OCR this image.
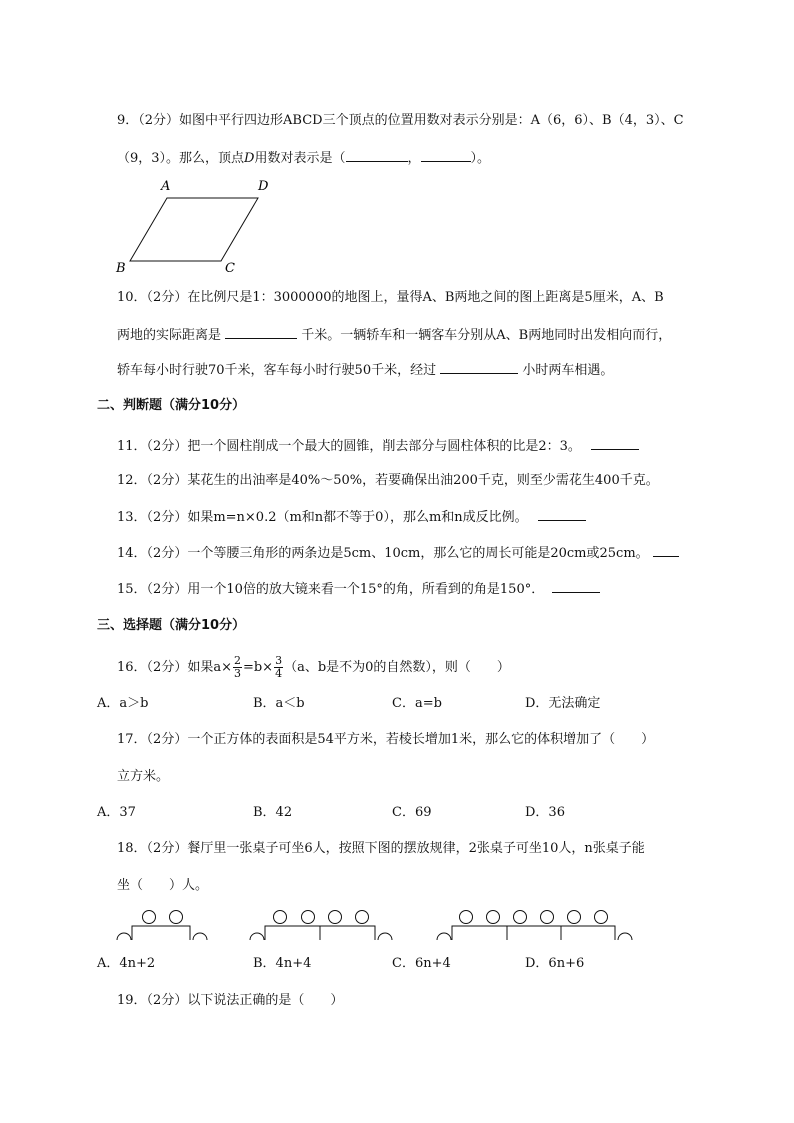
9．（2分）如图中平行四边形ABCD三个顶点的位置用数对表示分别是：A（6，6）、B（4，3）、C
（9，3）。那么，顶点D用数对表示是（	，	）。
A	D
B	C
10．（2分）在比例尺是1：3000000的地图上，量得A、B两地之间的图上距离是5厘米，A、B
两地的实际距离是	千米。一辆轿车和一辆客车分别从A、B两地同时出发相向而行，
轿车每小时行驶70千米，客车每小时行驶50千米，经过	小时两车相遇。
二、判断题（满分10分）
11．（2分）把一个圆柱削成一个最大的圆锥，削去部分与圆柱体积的比是2：3。
12．（2分）某花生的出油率是40%～50%，若要确保出油200千克，则至少需花生400千克。
13．（2分）如果m=n×0.2（m和n都不等于0），那么m和n成反比例。
14．（2分）一个等腰三角形的两条边是5cm、10cm，那么它的周长可能是20cm或25cm。
15．（2分）用一个10倍的放大镜来看一个15°的角，所看到的角是150°．
三、选择题（满分10分）
16．（2分）如果$a\times \frac{2}{3} =b\times \frac{3}{4} (a$、b是不为0的自然数），则（　　）
A．a＞b	B．a＜b	C．a=b	D．无法确定
17．（2分）一个正方体的表面积是54平方米，若棱长增加1米，那么它的体积增加了（　　）
立方米。
A．37	B．42	C．69	D．36
18．（2分）餐厅里一张桌子可坐6人，按照下图的摆放规律，2张桌子可坐10人，n张桌子能
坐（　　）人。
A．4n+2	B．4n+4	C．6n+4	D．6n+6
19．（2分）以下说法正确的是（　　）
